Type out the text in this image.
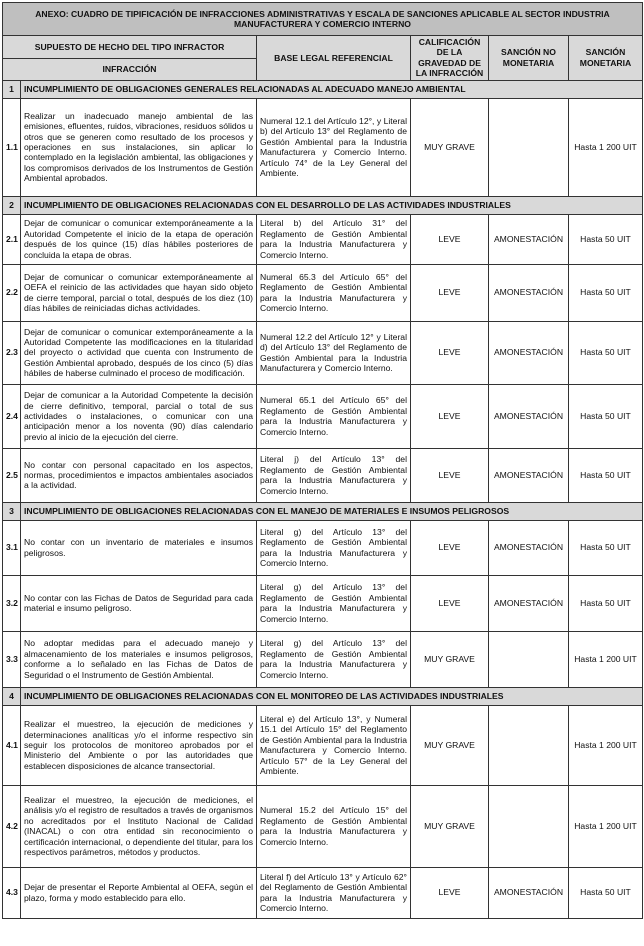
ANEXO: CUADRO DE TIPIFICACIÓN DE INFRACCIONES ADMINISTRATIVAS Y ESCALA DE SANCIONES APLICABLE AL SECTOR INDUSTRIA MANUFACTURERA Y COMERCIO INTERNO					
SUPUESTO DE HECHO DEL TIPO INFRACTOR		BASE LEGAL REFERENCIAL	CALIFICACIÓN DE LA GRAVEDAD DE LA INFRACCIÓN	SANCIÓN NO MONETARIA	SANCIÓN MONETARIA
INFRACCIÓN					
1	INCUMPLIMIENTO DE OBLIGACIONES GENERALES RELACIONADAS AL ADECUADO MANEJO AMBIENTAL				
1.1	Realizar un inadecuado manejo ambiental de las emisiones, efluentes, ruidos, vibraciones, residuos sólidos u otros que se generen como resultado de los procesos y operaciones en sus instalaciones, sin aplicar lo contemplado en la legislación ambiental, las obligaciones y los compromisos derivados de los Instrumentos de Gestión Ambiental aprobados.	Numeral 12.1 del Artículo 12°, y Literal b) del Artículo 13° del Reglamento de Gestión Ambiental para la Industria Manufacturera y Comercio Interno. Artículo 74° de la Ley General del Ambiente.	MUY GRAVE		Hasta 1 200 UIT
2	INCUMPLIMIENTO DE OBLIGACIONES RELACIONADAS CON EL DESARROLLO DE LAS ACTIVIDADES INDUSTRIALES				
2.1	Dejar de comunicar o comunicar extemporáneamente a la Autoridad Competente el inicio de la etapa de operación después de los quince (15) días hábiles posteriores de concluida la etapa de obras.	Literal b) del Artículo 31° del Reglamento de Gestión Ambiental para la Industria Manufacturera y Comercio Interno.	LEVE	AMONESTACIÓN	Hasta 50 UIT
2.2	Dejar de comunicar o comunicar extemporáneamente al OEFA el reinicio de las actividades que hayan sido objeto de cierre temporal, parcial o total, después de los diez (10) días hábiles de reiniciadas dichas actividades.	Numeral 65.3 del Artículo 65° del Reglamento de Gestión Ambiental para la Industria Manufacturera y Comercio Interno.	LEVE	AMONESTACIÓN	Hasta 50 UIT
2.3	Dejar de comunicar o comunicar extemporáneamente a la Autoridad Competente las modificaciones en la titularidad del proyecto o actividad que cuenta con Instrumento de Gestión Ambiental aprobado, después de los cinco (5) días hábiles de haberse culminado el proceso de modificación.	Numeral 12.2 del Artículo 12° y Literal d) del Artículo 13° del Reglamento de Gestión Ambiental para la Industria Manufacturera y Comercio Interno.	LEVE	AMONESTACIÓN	Hasta 50 UIT
2.4	Dejar de comunicar a la Autoridad Competente la decisión de cierre definitivo, temporal, parcial o total de sus actividades o instalaciones, o comunicar con una anticipación menor a los noventa (90) días calendario previo al inicio de la ejecución del cierre.	Numeral 65.1 del Artículo 65° del Reglamento de Gestión Ambiental para la Industria Manufacturera y Comercio Interno.	LEVE	AMONESTACIÓN	Hasta 50 UIT
2.5	No contar con personal capacitado en los aspectos, normas, procedimientos e impactos ambientales asociados a la actividad.	Literal j) del Artículo 13° del Reglamento de Gestión Ambiental para la Industria Manufacturera y Comercio Interno.	LEVE	AMONESTACIÓN	Hasta 50 UIT
3	INCUMPLIMIENTO DE OBLIGACIONES RELACIONADAS CON EL MANEJO DE MATERIALES E INSUMOS PELIGROSOS				
3.1	No contar con un inventario de materiales e insumos peligrosos.	Literal g) del Artículo 13° del Reglamento de Gestión Ambiental para la Industria Manufacturera y Comercio Interno.	LEVE	AMONESTACIÓN	Hasta 50 UIT
3.2	No contar con las Fichas de Datos de Seguridad para cada material e insumo peligroso.	Literal g) del Artículo 13° del Reglamento de Gestión Ambiental para la Industria Manufacturera y Comercio Interno.	LEVE	AMONESTACIÓN	Hasta 50 UIT
3.3	No adoptar medidas para el adecuado manejo y almacenamiento de los materiales e insumos peligrosos, conforme a lo señalado en las Fichas de Datos de Seguridad o el Instrumento de Gestión Ambiental.	Literal g) del Artículo 13° del Reglamento de Gestión Ambiental para la Industria Manufacturera y Comercio Interno.	MUY GRAVE		Hasta 1 200 UIT
4	INCUMPLIMIENTO DE OBLIGACIONES RELACIONADAS CON EL MONITOREO DE LAS ACTIVIDADES INDUSTRIALES				
4.1	Realizar el muestreo, la ejecución de mediciones y determinaciones analíticas y/o el informe respectivo sin seguir los protocolos de monitoreo aprobados por el Ministerio del Ambiente o por las autoridades que establecen disposiciones de alcance transectorial.	Literal e) del Artículo 13°, y Numeral 15.1 del Artículo 15° del Reglamento de Gestión Ambiental para la Industria Manufacturera y Comercio Interno. Artículo 57° de la Ley General del Ambiente.	MUY GRAVE		Hasta 1 200 UIT
4.2	Realizar el muestreo, la ejecución de mediciones, el análisis y/o el registro de resultados a través de organismos no acreditados por el Instituto Nacional de Calidad (INACAL) o con otra entidad sin reconocimiento o certificación internacional, o dependiente del titular, para los respectivos parámetros, métodos y productos.	Numeral 15.2 del Artículo 15° del Reglamento de Gestión Ambiental para la Industria Manufacturera y Comercio Interno.	MUY GRAVE		Hasta 1 200 UIT
4.3	Dejar de presentar el Reporte Ambiental al OEFA, según el plazo, forma y modo establecido para ello.	Literal f) del Artículo 13° y Artículo 62° del Reglamento de Gestión Ambiental para la Industria Manufacturera y Comercio Interno.	LEVE	AMONESTACIÓN	Hasta 50 UIT
